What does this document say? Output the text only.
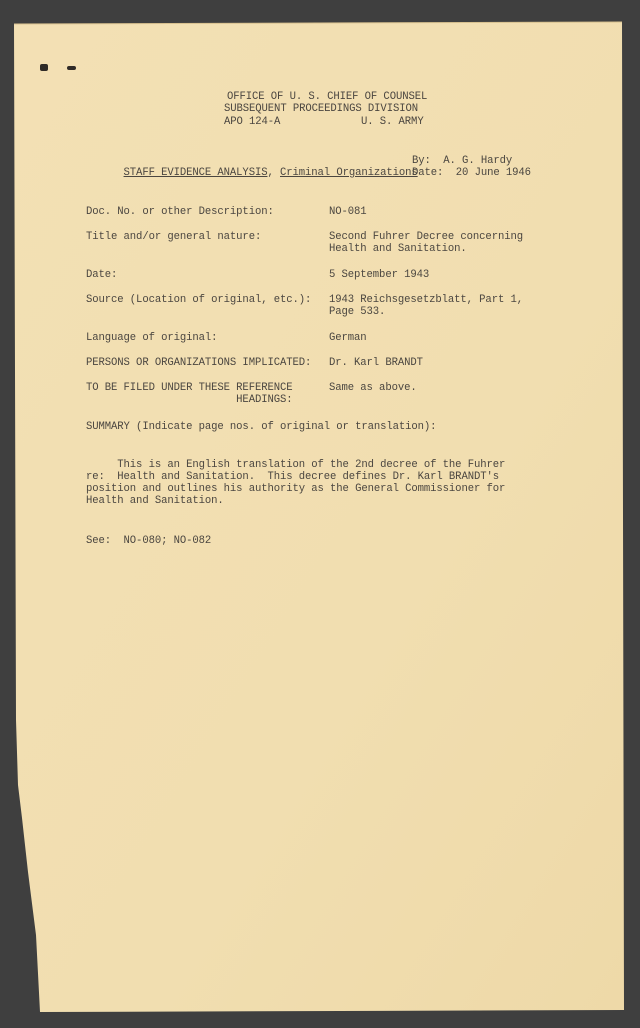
OFFICE OF U. S. CHIEF OF COUNSEL
SUBSEQUENT PROCEEDINGS DIVISION
APO 124-A	U. S. ARMY

STAFF EVIDENCE ANALYSIS, Criminal Organizations

By:  A. G. Hardy
Date:  20 June 1946
Doc. No. or other Description:	NO-081
Title and/or general nature:	Second Fuhrer Decree concerning
Health and Sanitation.
Date:	5 September 1943
Source (Location of original, etc.): 1943 Reichsgesetzblatt, Part 1,
Page 533.
Language of original:	German
PERSONS OR ORGANIZATIONS IMPLICATED: Dr. Karl BRANDT
TO BE FILED UNDER THESE REFERENCE
HEADINGS:
Same as above.
SUMMARY (Indicate page nos. of original or translation):
This is an English translation of the 2nd decree of the Fuhrer
re:  Health and Sanitation.  This decree defines Dr. Karl BRANDT's
position and outlines his authority as the General Commissioner for
Health and Sanitation.
See:  NO-080; NO-082
